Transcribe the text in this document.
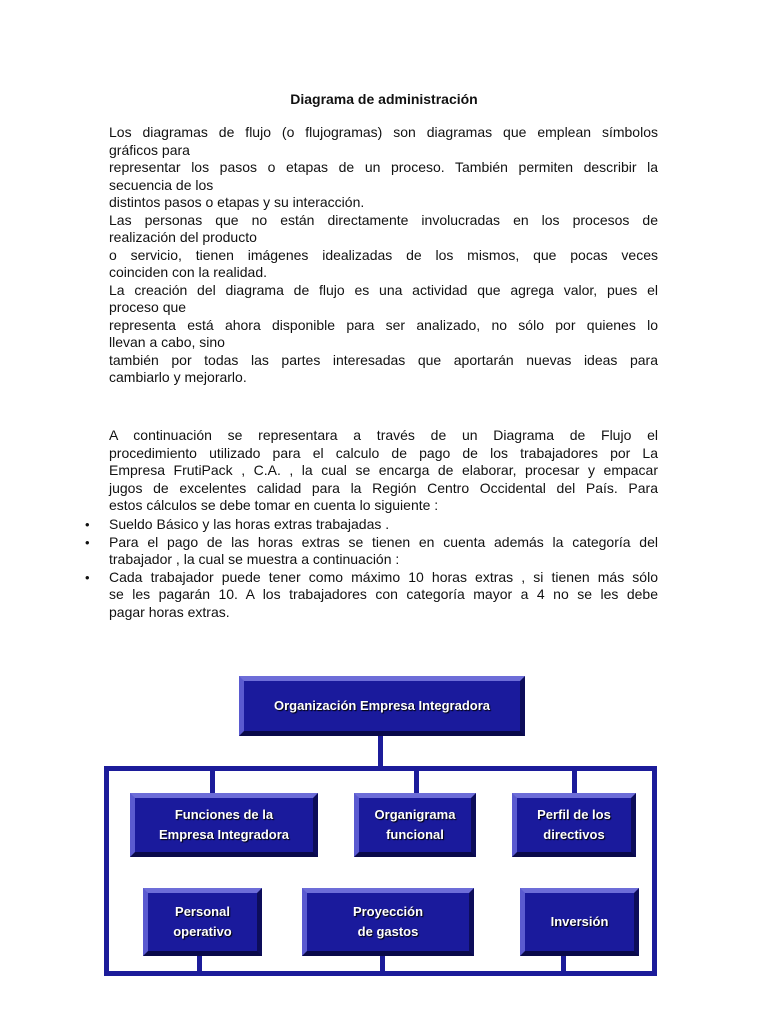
Diagrama de administración
Los diagramas de flujo (o flujogramas) son diagramas que emplean símbolos
gráficos para
representar los pasos o etapas de un proceso. También permiten describir la
secuencia de los
distintos pasos o etapas y su interacción.
Las personas que no están directamente involucradas en los procesos de
realización del producto
o servicio, tienen imágenes idealizadas de los mismos, que pocas veces
coinciden con la realidad.
La creación del diagrama de flujo es una actividad que agrega valor, pues el
proceso que
representa está ahora disponible para ser analizado, no sólo por quienes lo
llevan a cabo, sino
también por todas las partes interesadas que aportarán nuevas ideas para
cambiarlo y mejorarlo.
A continuación se representara a través de un Diagrama de Flujo el
procedimiento utilizado para el calculo de pago de los trabajadores por La
Empresa FrutiPack , C.A. , la cual se encarga de elaborar, procesar y empacar
jugos de excelentes calidad para la Región Centro Occidental del País. Para
estos cálculos se debe tomar en cuenta lo siguiente :
• Sueldo Básico y las horas extras trabajadas .
• Para el pago de las horas extras se tienen en cuenta además la categoría del
trabajador , la cual se muestra a continuación :
• Cada trabajador puede tener como máximo 10 horas extras , si tienen más sólo
se les pagarán 10. A los trabajadores con categoría mayor a 4 no se les debe
pagar horas extras.
Organización Empresa Integradora
Funciones de la
Empresa Integradora
Organigrama
funcional
Perfil de los
directivos
Personal
operativo
Proyección
de gastos
Inversión
